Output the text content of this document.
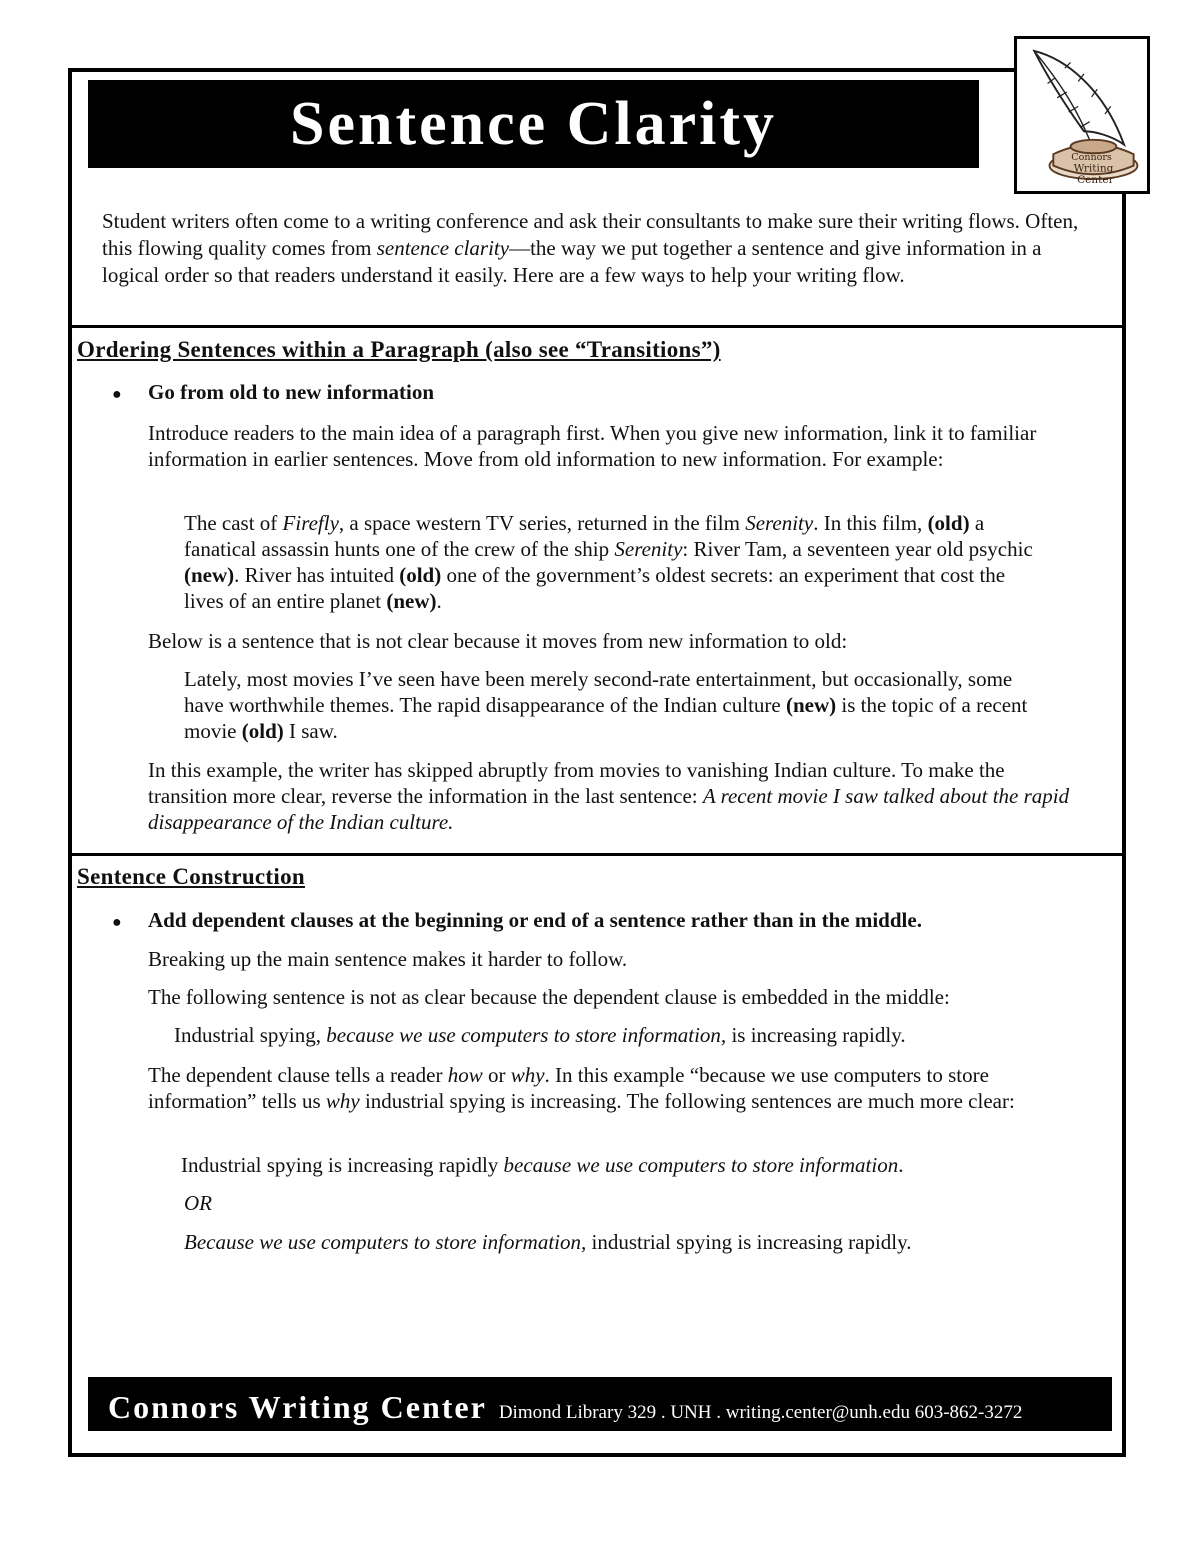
Sentence Clarity	Connors
Writing
Center

Student writers often come to a writing conference and ask their consultants to make sure their writing flows. Often, this flowing quality comes from sentence clarity—the way we put together a sentence and give information in a logical order so that readers understand it easily. Here are a few ways to help your writing flow.

Ordering Sentences within a Paragraph (also see “Transitions”)

●	Go from old to new information

Introduce readers to the main idea of a paragraph first. When you give new information, link it to familiar information in earlier sentences. Move from old information to new information. For example:

The cast of Firefly, a space western TV series, returned in the film Serenity. In this film, (old) a fanatical assassin hunts one of the crew of the ship Serenity: River Tam, a seventeen year old psychic (new). River has intuited (old) one of the government’s oldest secrets: an experiment that cost the lives of an entire planet (new).

Below is a sentence that is not clear because it moves from new information to old:

Lately, most movies I’ve seen have been merely second-rate entertainment, but occasionally, some have worthwhile themes. The rapid disappearance of the Indian culture (new) is the topic of a recent movie (old) I saw.

In this example, the writer has skipped abruptly from movies to vanishing Indian culture. To make the transition more clear, reverse the information in the last sentence: A recent movie I saw talked about the rapid disappearance of the Indian culture.

Sentence Construction

●	Add dependent clauses at the beginning or end of a sentence rather than in the middle.

Breaking up the main sentence makes it harder to follow.

The following sentence is not as clear because the dependent clause is embedded in the middle:

Industrial spying, because we use computers to store information, is increasing rapidly.

The dependent clause tells a reader how or why. In this example “because we use computers to store information” tells us why industrial spying is increasing. The following sentences are much more clear:

Industrial spying is increasing rapidly because we use computers to store information.

OR

Because we use computers to store information, industrial spying is increasing rapidly.

Connors Writing Center Dimond Library 329 . UNH . writing.center@unh.edu 603-862-3272
